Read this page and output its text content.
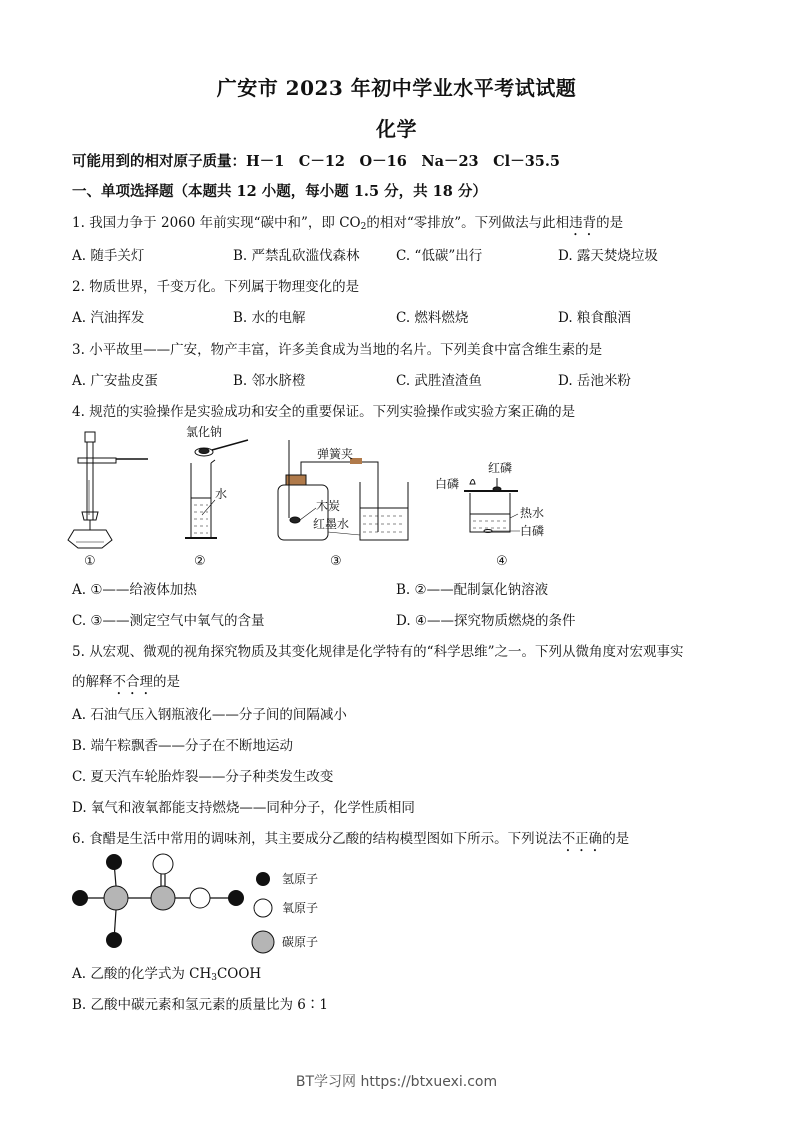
广安市 2023 年初中学业水平考试试题
化学
可能用到的相对原子质量：H－1　C－12　O－16　Na－23　Cl－35.5
一、单项选择题（本题共 12 小题，每小题 1.5 分，共 18 分）
1. 我国力争于 2060 年前实现“碳中和”，即 $CO_2$的相对“零排放”。下列做法与此相违背的是
A. 随手关灯	B. 严禁乱砍滥伐森林	C. “低碳”出行	D. 露天焚烧垃圾
2. 物质世界，千变万化。下列属于物理变化的是
A. 汽油挥发	B. 水的电解	C. 燃料燃烧	D. 粮食酿酒
3. 小平故里——广安，物产丰富，许多美食成为当地的名片。下列美食中富含维生素的是
A. 广安盐皮蛋	B. 邻水脐橙	C. 武胜渣渣鱼	D. 岳池米粉
4. 规范的实验操作是实验成功和安全的重要保证。下列实验操作或实验方案正确的是
氯化钠
水
弹簧夹
木炭
红墨水
红磷
白磷
热水
白磷
①	②	③	④
A. ①——给液体加热	B. ②——配制氯化钠溶液
C. ③——测定空气中氧气的含量	D. ④——探究物质燃烧的条件
5. 从宏观、微观的视角探究物质及其变化规律是化学特有的“科学思维”之一。下列从微角度对宏观事实
的解释不合理的是
A. 石油气压入钢瓶液化——分子间的间隔减小
B. 端午粽飘香——分子在不断地运动
C. 夏天汽车轮胎炸裂——分子种类发生改变
D. 氧气和液氧都能支持燃烧——同种分子，化学性质相同
6. 食醋是生活中常用的调味剂，其主要成分乙酸的结构模型图如下所示。下列说法不正确的是
氢原子
氧原子
碳原子
A. 乙酸的化学式为 $CH_3COOH$
B. 乙酸中碳元素和氢元素的质量比为 6∶1
BT学习网 https://btxuexi.com
